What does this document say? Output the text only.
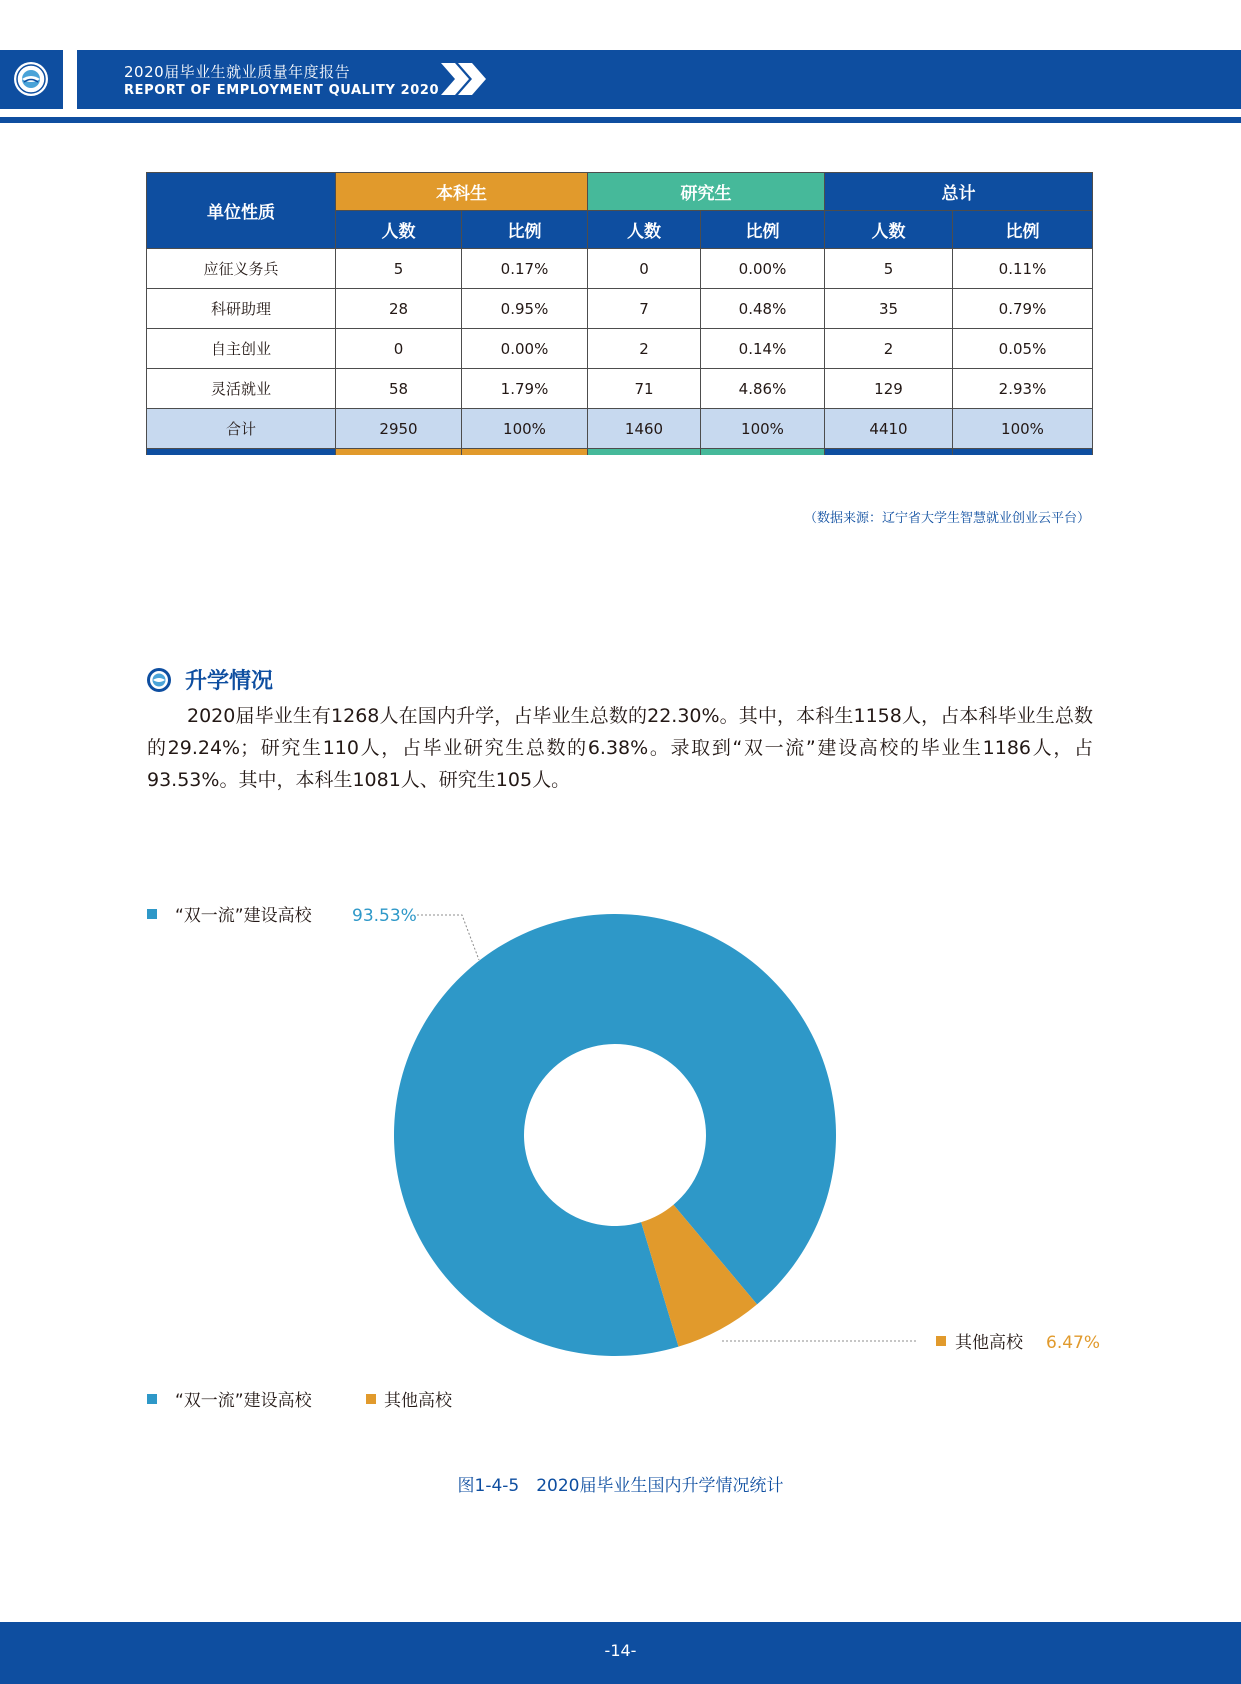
2020届毕业生就业质量年度报告
REPORT OF EMPLOYMENT QUALITY 2020
单位性质	本科生		研究生		总计	
	人数	比例	人数	比例	人数	比例
应征义务兵	5	0.17%	0	0.00%	5	0.11%
科研助理	28	0.95%	7	0.48%	35	0.79%
自主创业	0	0.00%	2	0.14%	2	0.05%
灵活就业	58	1.79%	71	4.86%	129	2.93%
合计	2950	100%	1460	100%	4410	100%

（数据来源：辽宁省大学生智慧就业创业云平台）
升学情况

2020届毕业生有1268人在国内升学，占毕业生总数的22.30%。其中，本科生1158人，占本科毕业生总数的29.24%；研究生110人，占毕业研究生总数的6.38%。录取到“双一流”建设高校的毕业生1186人，占93.53%。其中，本科生1081人、研究生105人。

“双一流”建设高校 93.53%
其他高校 6.47%
“双一流”建设高校	其他高校
图1-4-5　2020届毕业生国内升学情况统计
-14-
